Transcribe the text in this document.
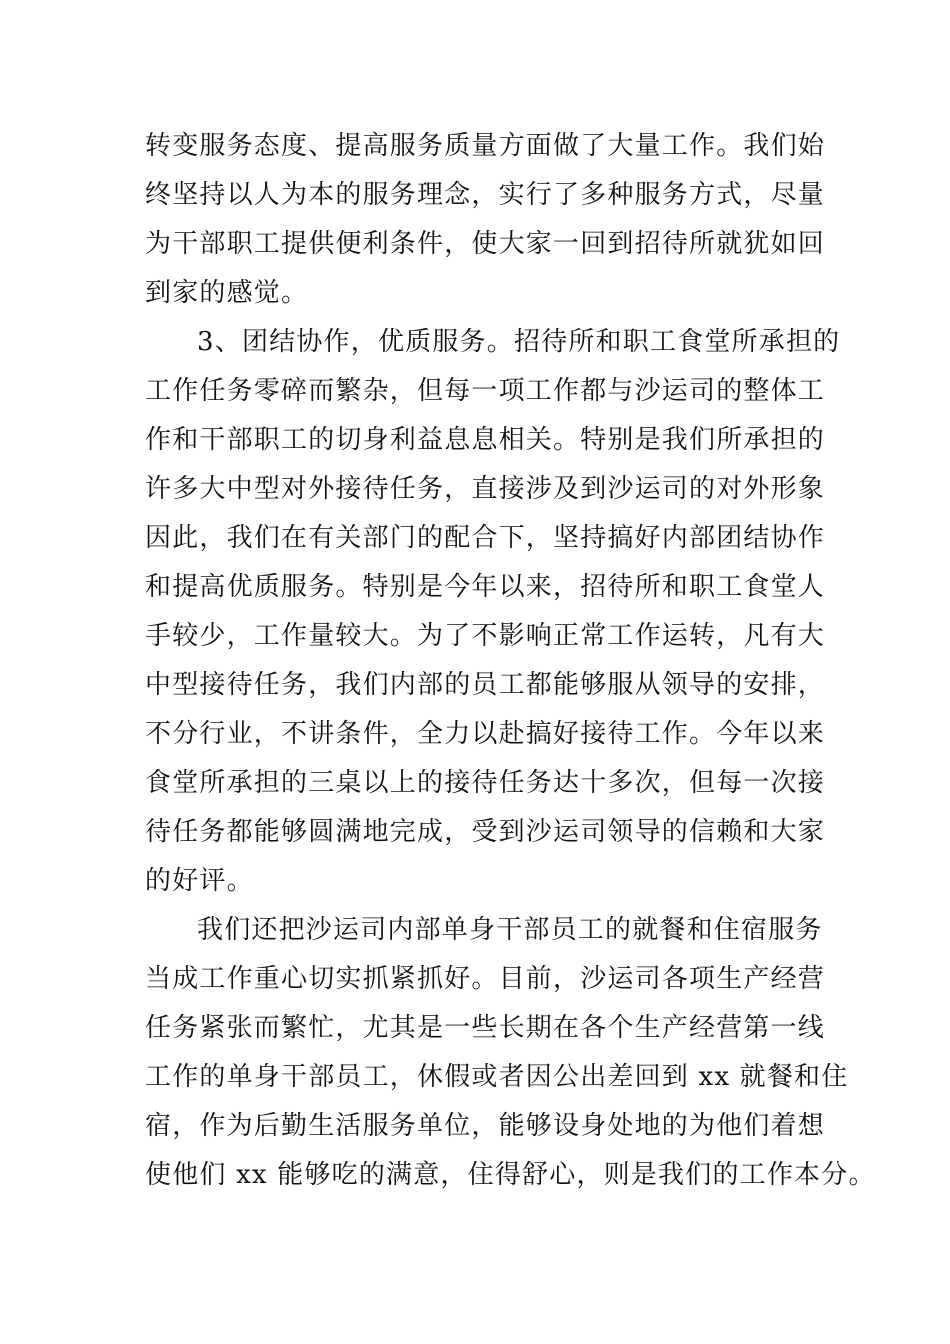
转变服务态度、提高服务质量方面做了大量工作。我们始
终坚持以人为本的服务理念，实行了多种服务方式，尽量
为干部职工提供便利条件，使大家一回到招待所就犹如回
到家的感觉。
3、团结协作，优质服务。招待所和职工食堂所承担的
工作任务零碎而繁杂，但每一项工作都与沙运司的整体工
作和干部职工的切身利益息息相关。特别是我们所承担的
许多大中型对外接待任务，直接涉及到沙运司的对外形象
因此，我们在有关部门的配合下，坚持搞好内部团结协作
和提高优质服务。特别是今年以来，招待所和职工食堂人
手较少，工作量较大。为了不影响正常工作运转，凡有大
中型接待任务，我们内部的员工都能够服从领导的安排，
不分行业，不讲条件，全力以赴搞好接待工作。今年以来
食堂所承担的三桌以上的接待任务达十多次，但每一次接
待任务都能够圆满地完成，受到沙运司领导的信赖和大家
的好评。
我们还把沙运司内部单身干部员工的就餐和住宿服务
当成工作重心切实抓紧抓好。目前，沙运司各项生产经营
任务紧张而繁忙，尤其是一些长期在各个生产经营第一线
工作的单身干部员工，休假或者因公出差回到 xx 就餐和住
宿，作为后勤生活服务单位，能够设身处地的为他们着想
使他们 xx 能够吃的满意，住得舒心，则是我们的工作本分。
